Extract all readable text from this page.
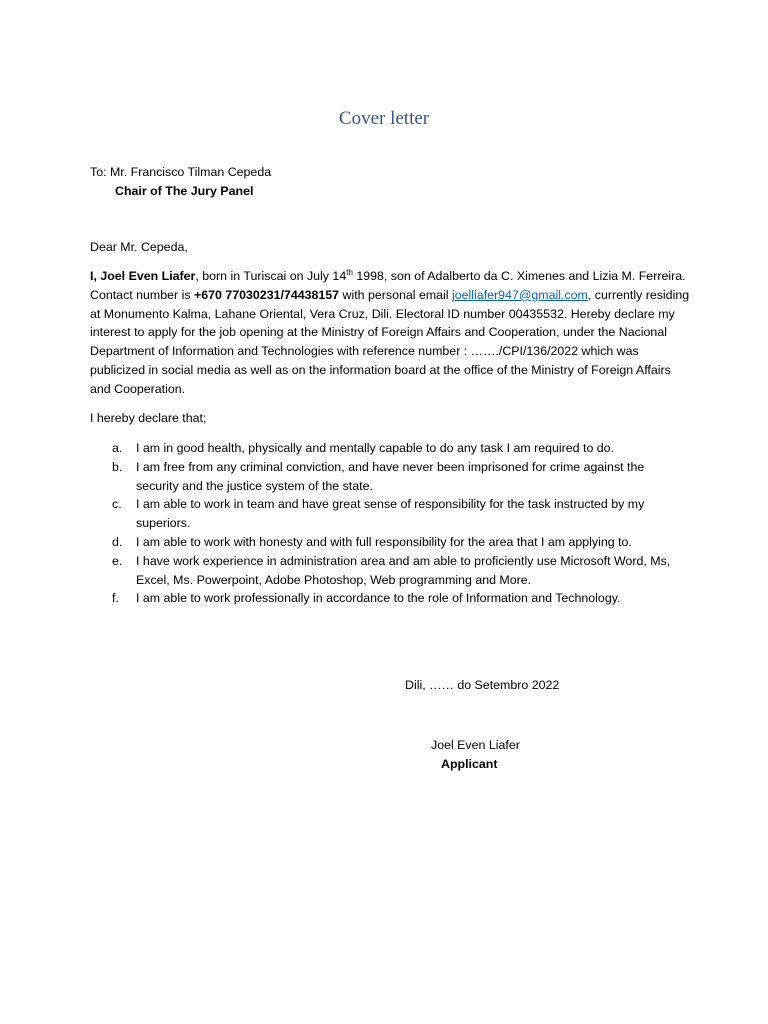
Cover letter
To: Mr. Francisco Tilman Cepeda
Chair of The Jury Panel
Dear Mr. Cepeda,

I, Joel Even Liafer, born in Turiscai on July 14th 1998, son of Adalberto da C. Ximenes and Lizia M. Ferreira. Contact number is +670 77030231/74438157 with personal email joelliafer947@gmail.com, currently residing at Monumento Kalma, Lahane Oriental, Vera Cruz, Dili. Electoral ID number 00435532. Hereby declare my interest to apply for the job opening at the Ministry of Foreign Affairs and Cooperation, under the Nacional Department of Information and Technologies with reference number : ……./CPI/136/2022 which was publicized in social media as well as on the information board at the office of the Ministry of Foreign Affairs and Cooperation.

I hereby declare that;
a. I am in good health, physically and mentally capable to do any task I am required to do.
b. I am free from any criminal conviction, and have never been imprisoned for crime against the security and the justice system of the state.
c. I am able to work in team and have great sense of responsibility for the task instructed by my superiors.
d. I am able to work with honesty and with full responsibility for the area that I am applying to.
e. I have work experience in administration area and am able to proficiently use Microsoft Word, Ms, Excel, Ms. Powerpoint, Adobe Photoshop, Web programming and More.
f. I am able to work professionally in accordance to the role of Information and Technology.
Dili, …… do Setembro 2022
Joel Even Liafer
Applicant
